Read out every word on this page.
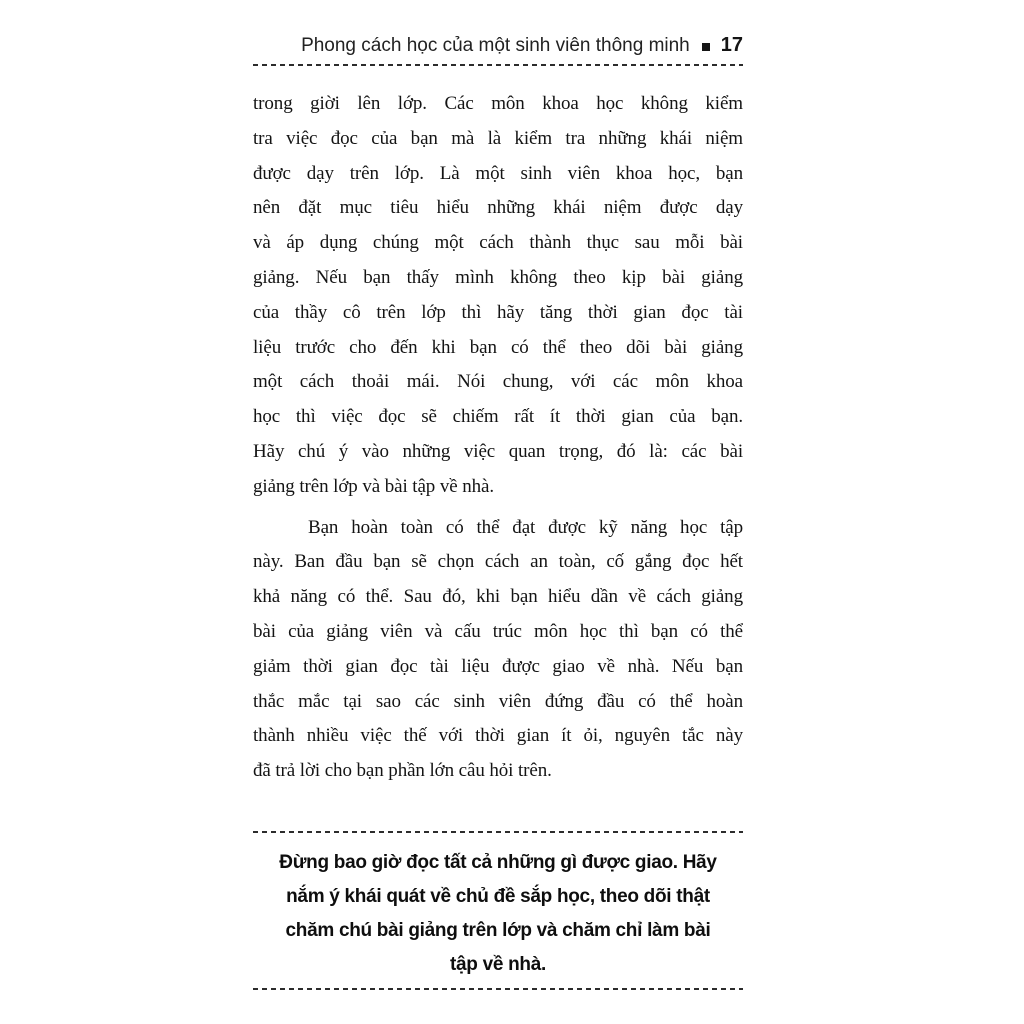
Phong cách học của một sinh viên thông minh 17
trong giời lên lớp. Các môn khoa học không kiểm
tra việc đọc của bạn mà là kiểm tra những khái niệm
được dạy trên lớp. Là một sinh viên khoa học, bạn
nên đặt mục tiêu hiểu những khái niệm được dạy
và áp dụng chúng một cách thành thục sau mỗi bài
giảng. Nếu bạn thấy mình không theo kịp bài giảng
của thầy cô trên lớp thì hãy tăng thời gian đọc tài
liệu trước cho đến khi bạn có thể theo dõi bài giảng
một cách thoải mái. Nói chung, với các môn khoa
học thì việc đọc sẽ chiếm rất ít thời gian của bạn.
Hãy chú ý vào những việc quan trọng, đó là: các bài
giảng trên lớp và bài tập về nhà.
Bạn hoàn toàn có thể đạt được kỹ năng học tập
này. Ban đầu bạn sẽ chọn cách an toàn, cố gắng đọc hết
khả năng có thể. Sau đó, khi bạn hiểu dần về cách giảng
bài của giảng viên và cấu trúc môn học thì bạn có thể
giảm thời gian đọc tài liệu được giao về nhà. Nếu bạn
thắc mắc tại sao các sinh viên đứng đầu có thể hoàn
thành nhiều việc thế với thời gian ít ỏi, nguyên tắc này
đã trả lời cho bạn phần lớn câu hỏi trên.
Đừng bao giờ đọc tất cả những gì được giao. Hãy
nắm ý khái quát về chủ đề sắp học, theo dõi thật
chăm chú bài giảng trên lớp và chăm chỉ làm bài
tập về nhà.
